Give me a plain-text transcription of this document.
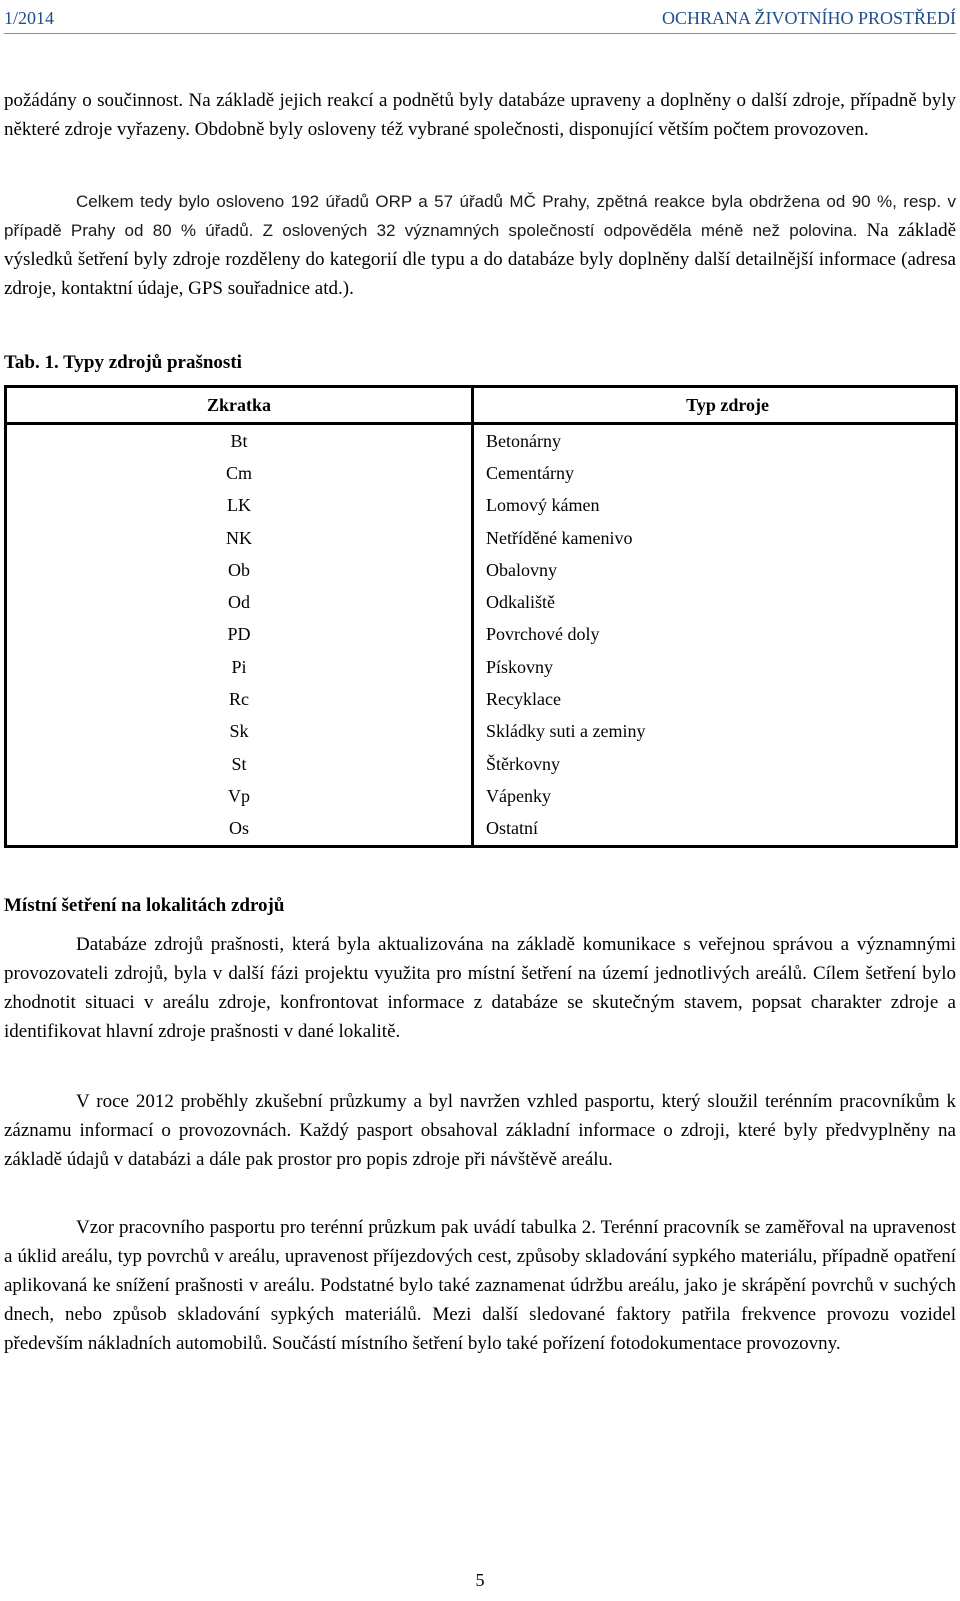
1/2014	OCHRANA ŽIVOTNÍHO PROSTŘEDÍ

požádány o součinnost. Na základě jejich reakcí a podnětů byly databáze upraveny a doplněny o další zdroje, případně byly některé zdroje vyřazeny. Obdobně byly osloveny též vybrané společnosti, disponující větším počtem provozoven.

Celkem tedy bylo osloveno 192 úřadů ORP a 57 úřadů MČ Prahy, zpětná reakce byla obdržena od 90 %, resp. v případě Prahy od 80 % úřadů. Z oslovených 32 významných společností odpověděla méně než polovina. Na základě výsledků šetření byly zdroje rozděleny do kategorií dle typu a do databáze byly doplněny další detailnější informace (adresa zdroje, kontaktní údaje, GPS souřadnice atd.).

Tab. 1. Typy zdrojů prašnosti
Zkratka	Typ zdroje
Bt	Betonárny
Cm	Cementárny
LK	Lomový kámen
NK	Netříděné kamenivo
Ob	Obalovny
Od	Odkaliště
PD	Povrchové doly
Pi	Pískovny
Rc	Recyklace
Sk	Skládky suti a zeminy
St	Štěrkovny
Vp	Vápenky
Os	Ostatní
Místní šetření na lokalitách zdrojů

Databáze zdrojů prašnosti, která byla aktualizována na základě komunikace s veřejnou správou a významnými provozovateli zdrojů, byla v další fázi projektu využita pro místní šetření na území jednotlivých areálů. Cílem šetření bylo zhodnotit situaci v areálu zdroje, konfrontovat informace z databáze se skutečným stavem, popsat charakter zdroje a identifikovat hlavní zdroje prašnosti v dané lokalitě.

V roce 2012 proběhly zkušební průzkumy a byl navržen vzhled pasportu, který sloužil terénním pracovníkům k záznamu informací o provozovnách. Každý pasport obsahoval základní informace o zdroji, které byly předvyplněny na základě údajů v databázi a dále pak prostor pro popis zdroje při návštěvě areálu.

Vzor pracovního pasportu pro terénní průzkum pak uvádí tabulka 2. Terénní pracovník se zaměřoval na upravenost a úklid areálu, typ povrchů v areálu, upravenost příjezdových cest, způsoby skladování sypkého materiálu, případně opatření aplikovaná ke snížení prašnosti v areálu. Podstatné bylo také zaznamenat údržbu areálu, jako je skrápění povrchů v suchých dnech, nebo způsob skladování sypkých materiálů. Mezi další sledované faktory patřila frekvence provozu vozidel především nákladních automobilů. Součástí místního šetření bylo také pořízení fotodokumentace provozovny.

5
